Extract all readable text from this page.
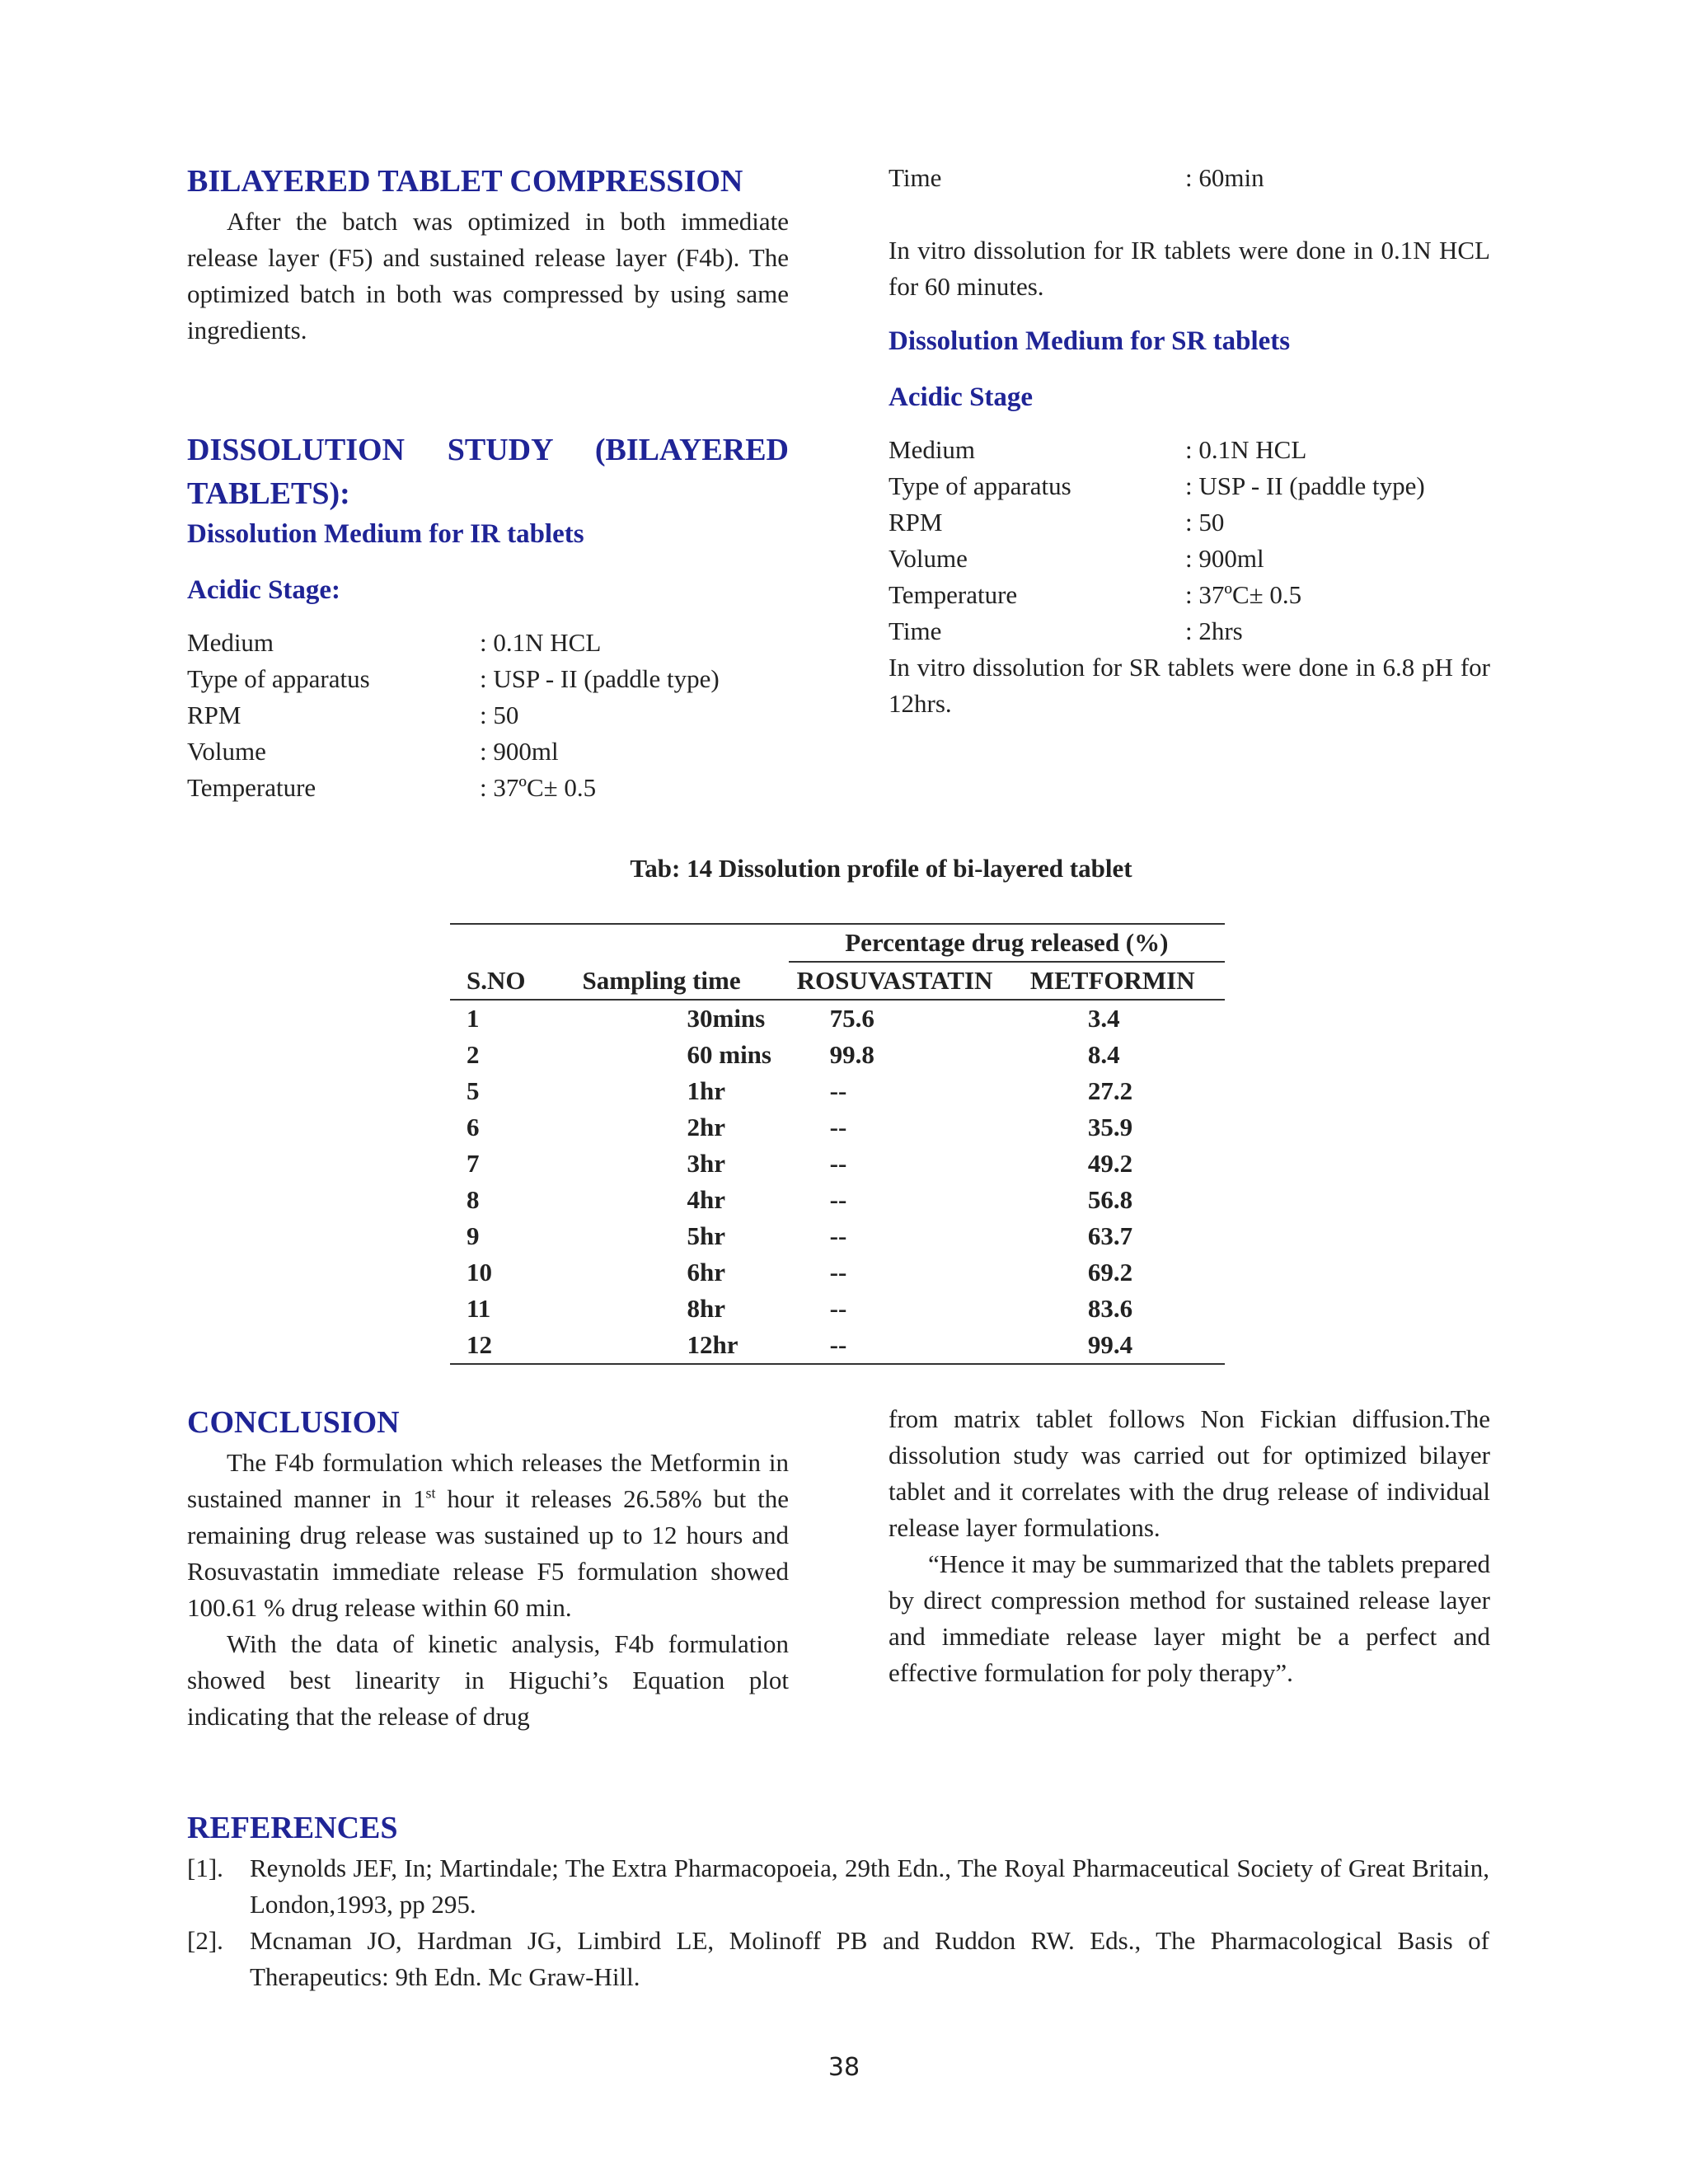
BILAYERED TABLET COMPRESSION

After the batch was optimized in both immediate release layer (F5) and sustained release layer (F4b). The optimized batch in both was compressed by using same ingredients.

DISSOLUTION STUDY (BILAYERED TABLETS):
Dissolution Medium for IR tablets
Acidic Stage:
Medium	: 0.1N HCL
Type of apparatus	: USP - II (paddle type)
RPM	: 50
Volume	: 900ml
Temperature	: 37ºC± 0.5
Time	: 60min

In vitro dissolution for IR tablets were done in 0.1N HCL for 60 minutes.

Dissolution Medium for SR tablets
Acidic Stage
Medium	: 0.1N HCL
Type of apparatus	: USP - II (paddle type)
RPM	: 50
Volume	: 900ml
Temperature	: 37ºC± 0.5
Time	: 2hrs

In vitro dissolution for SR tablets were done in 6.8 pH for 12hrs.

Tab: 14 Dissolution profile of bi-layered tablet
S.NO	Sampling time	Percentage drug released (%)	
		ROSUVASTATIN	METFORMIN
1	30mins	75.6	3.4
2	60 mins	99.8	8.4
5	1hr	--	27.2
6	2hr	--	35.9
7	3hr	--	49.2
8	4hr	--	56.8
9	5hr	--	63.7
10	6hr	--	69.2
11	8hr	--	83.6
12	12hr	--	99.4
CONCLUSION

The F4b formulation which releases the Metformin in sustained manner in 1st hour it releases 26.58% but the remaining drug release was sustained up to 12 hours and Rosuvastatin immediate release F5 formulation showed 100.61 % drug release within 60 min.

With the data of kinetic analysis, F4b formulation showed best linearity in Higuchi’s Equation plot indicating that the release of drug

from matrix tablet follows Non Fickian diffusion.The dissolution study was carried out for optimized bilayer tablet and it correlates with the drug release of individual release layer formulations.

“Hence it may be summarized that the tablets prepared by direct compression method for sustained release layer and immediate release layer might be a perfect and effective formulation for poly therapy”.

REFERENCES
[1].	Reynolds JEF, In; Martindale; The Extra Pharmacopoeia, 29th Edn., The Royal Pharmaceutical Society of Great Britain, London,1993, pp 295.
[2].	Mcnaman JO, Hardman JG, Limbird LE, Molinoff PB and Ruddon RW. Eds., The Pharmacological Basis of Therapeutics: 9th Edn. Mc Graw-Hill.
38
